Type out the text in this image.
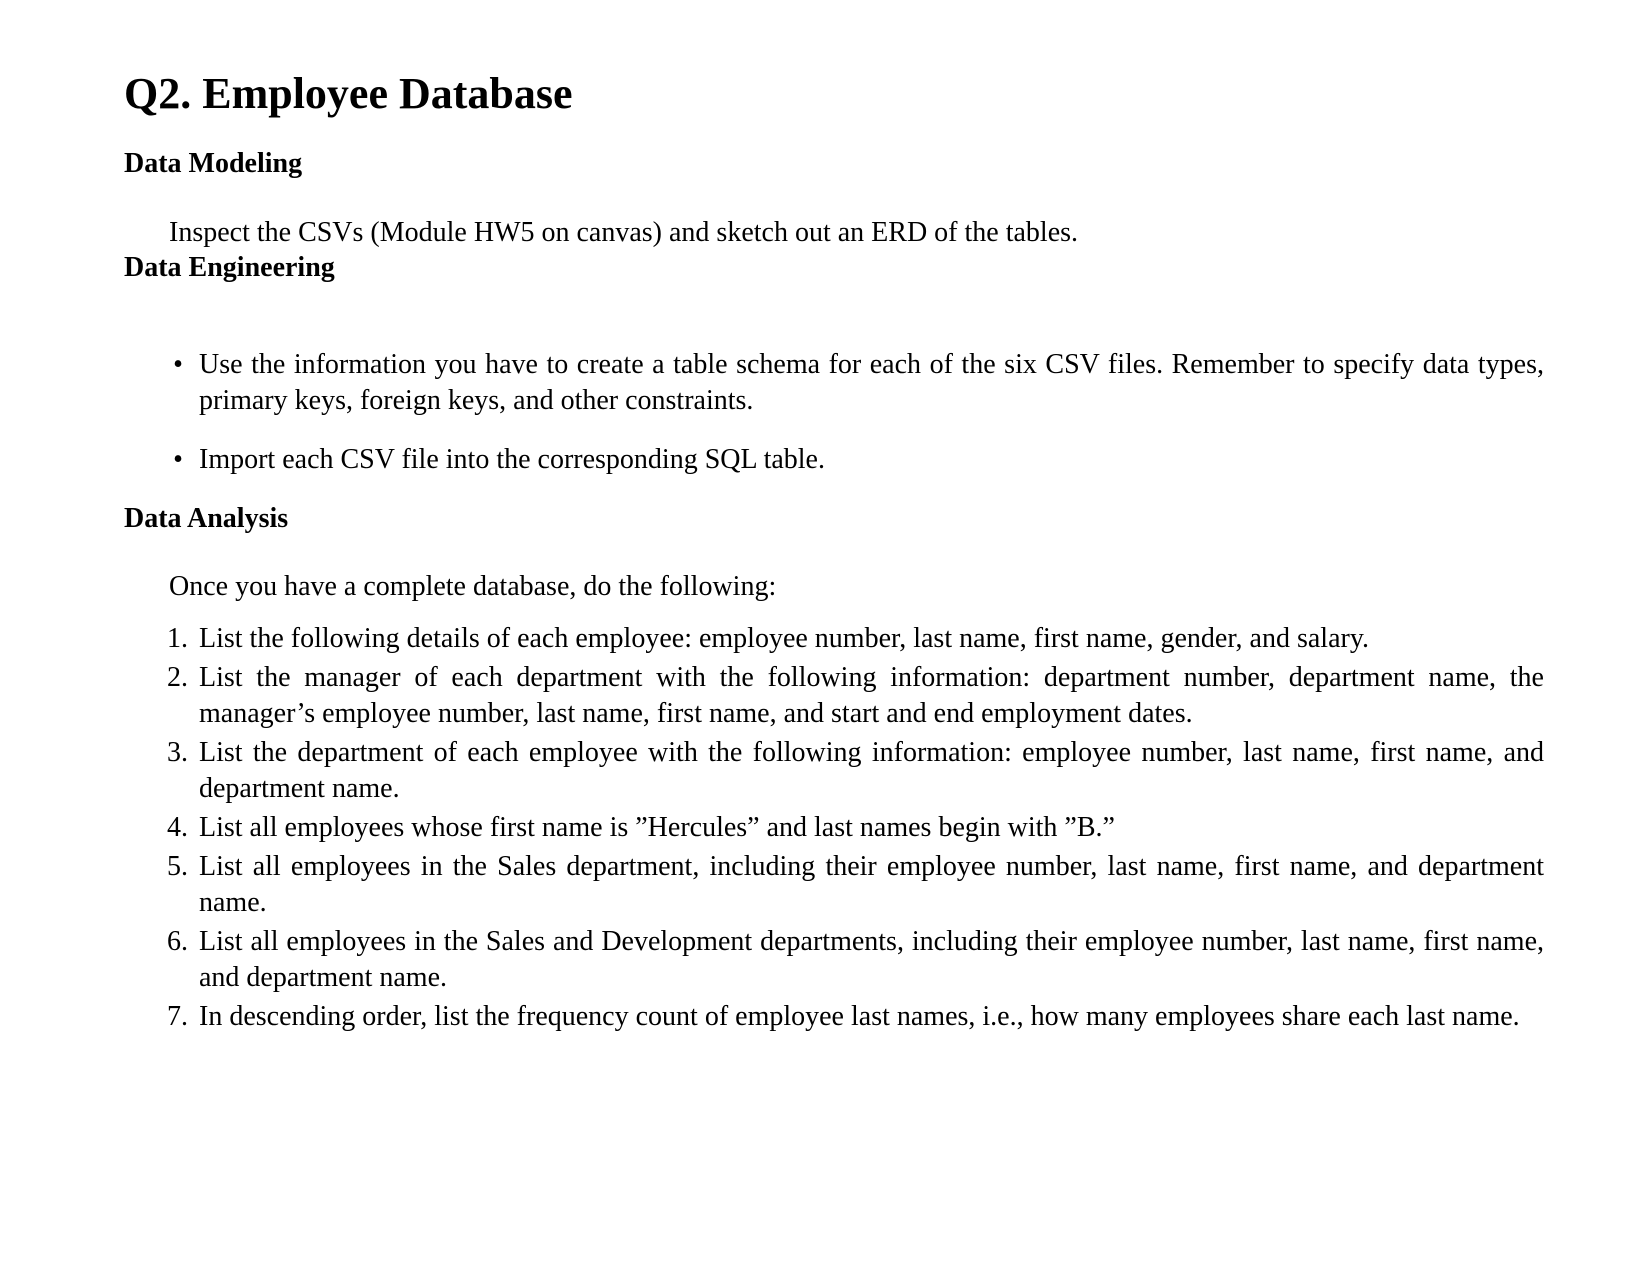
Q2. Employee Database
Data Modeling

Inspect the CSVs (Module HW5 on canvas) and sketch out an ERD of the tables.

Data Engineering
• Use the information you have to create a table schema for each of the six CSV files. Remember to specify data types, primary keys, foreign keys, and other constraints.
• Import each CSV file into the corresponding SQL table.
Data Analysis

Once you have a complete database, do the following:

1. List the following details of each employee: employee number, last name, first name, gender, and salary.
2. List the manager of each department with the following information: department number, department name, the manager’s employee number, last name, first name, and start and end employment dates.
3. List the department of each employee with the following information: employee number, last name, first name, and department name.
4. List all employees whose first name is ”Hercules” and last names begin with ”B.”
5. List all employees in the Sales department, including their employee number, last name, first name, and department name.
6. List all employees in the Sales and Development departments, including their employee number, last name, first name, and department name.
7. In descending order, list the frequency count of employee last names, i.e., how many employees share each last name.
